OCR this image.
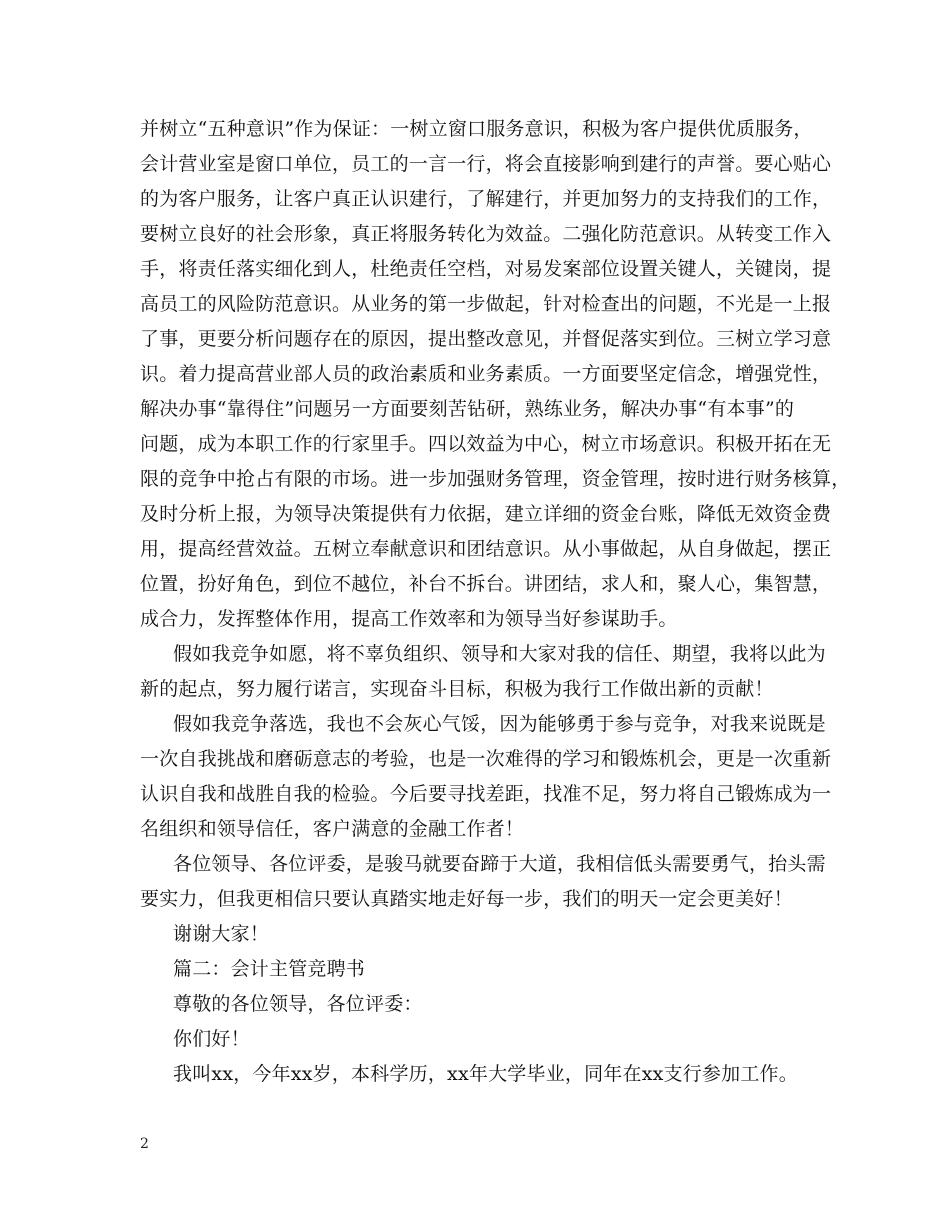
并树立“五种意识”作为保证：一树立窗口服务意识，积极为客户提供优质服务，
会计营业室是窗口单位，员工的一言一行，将会直接影响到建行的声誉。要心贴心
的为客户服务，让客户真正认识建行，了解建行，并更加努力的支持我们的工作，
要树立良好的社会形象，真正将服务转化为效益。二强化防范意识。从转变工作入
手，将责任落实细化到人，杜绝责任空档，对易发案部位设置关键人，关键岗，提
高员工的风险防范意识。从业务的第一步做起，针对检查出的问题，不光是一上报
了事，更要分析问题存在的原因，提出整改意见，并督促落实到位。三树立学习意
识。着力提高营业部人员的政治素质和业务素质。一方面要坚定信念，增强党性，
解决办事“靠得住”问题另一方面要刻苦钻研，熟练业务，解决办事“有本事”的
问题，成为本职工作的行家里手。四以效益为中心，树立市场意识。积极开拓在无
限的竞争中抢占有限的市场。进一步加强财务管理，资金管理，按时进行财务核算，
及时分析上报，为领导决策提供有力依据，建立详细的资金台账，降低无效资金费
用，提高经营效益。五树立奉献意识和团结意识。从小事做起，从自身做起，摆正
位置，扮好角色，到位不越位，补台不拆台。讲团结，求人和，聚人心，集智慧，
成合力，发挥整体作用，提高工作效率和为领导当好参谋助手。
假如我竞争如愿，将不辜负组织、领导和大家对我的信任、期望，我将以此为
新的起点，努力履行诺言，实现奋斗目标，积极为我行工作做出新的贡献！
假如我竞争落选，我也不会灰心气馁，因为能够勇于参与竞争，对我来说既是
一次自我挑战和磨砺意志的考验，也是一次难得的学习和锻炼机会，更是一次重新
认识自我和战胜自我的检验。今后要寻找差距，找准不足，努力将自己锻炼成为一
名组织和领导信任，客户满意的金融工作者！
各位领导、各位评委，是骏马就要奋蹄于大道，我相信低头需要勇气，抬头需
要实力，但我更相信只要认真踏实地走好每一步，我们的明天一定会更美好！
谢谢大家！
篇二：会计主管竞聘书
尊敬的各位领导，各位评委：
你们好！
我叫xx，今年xx岁，本科学历，xx年大学毕业，同年在xx支行参加工作。
2
